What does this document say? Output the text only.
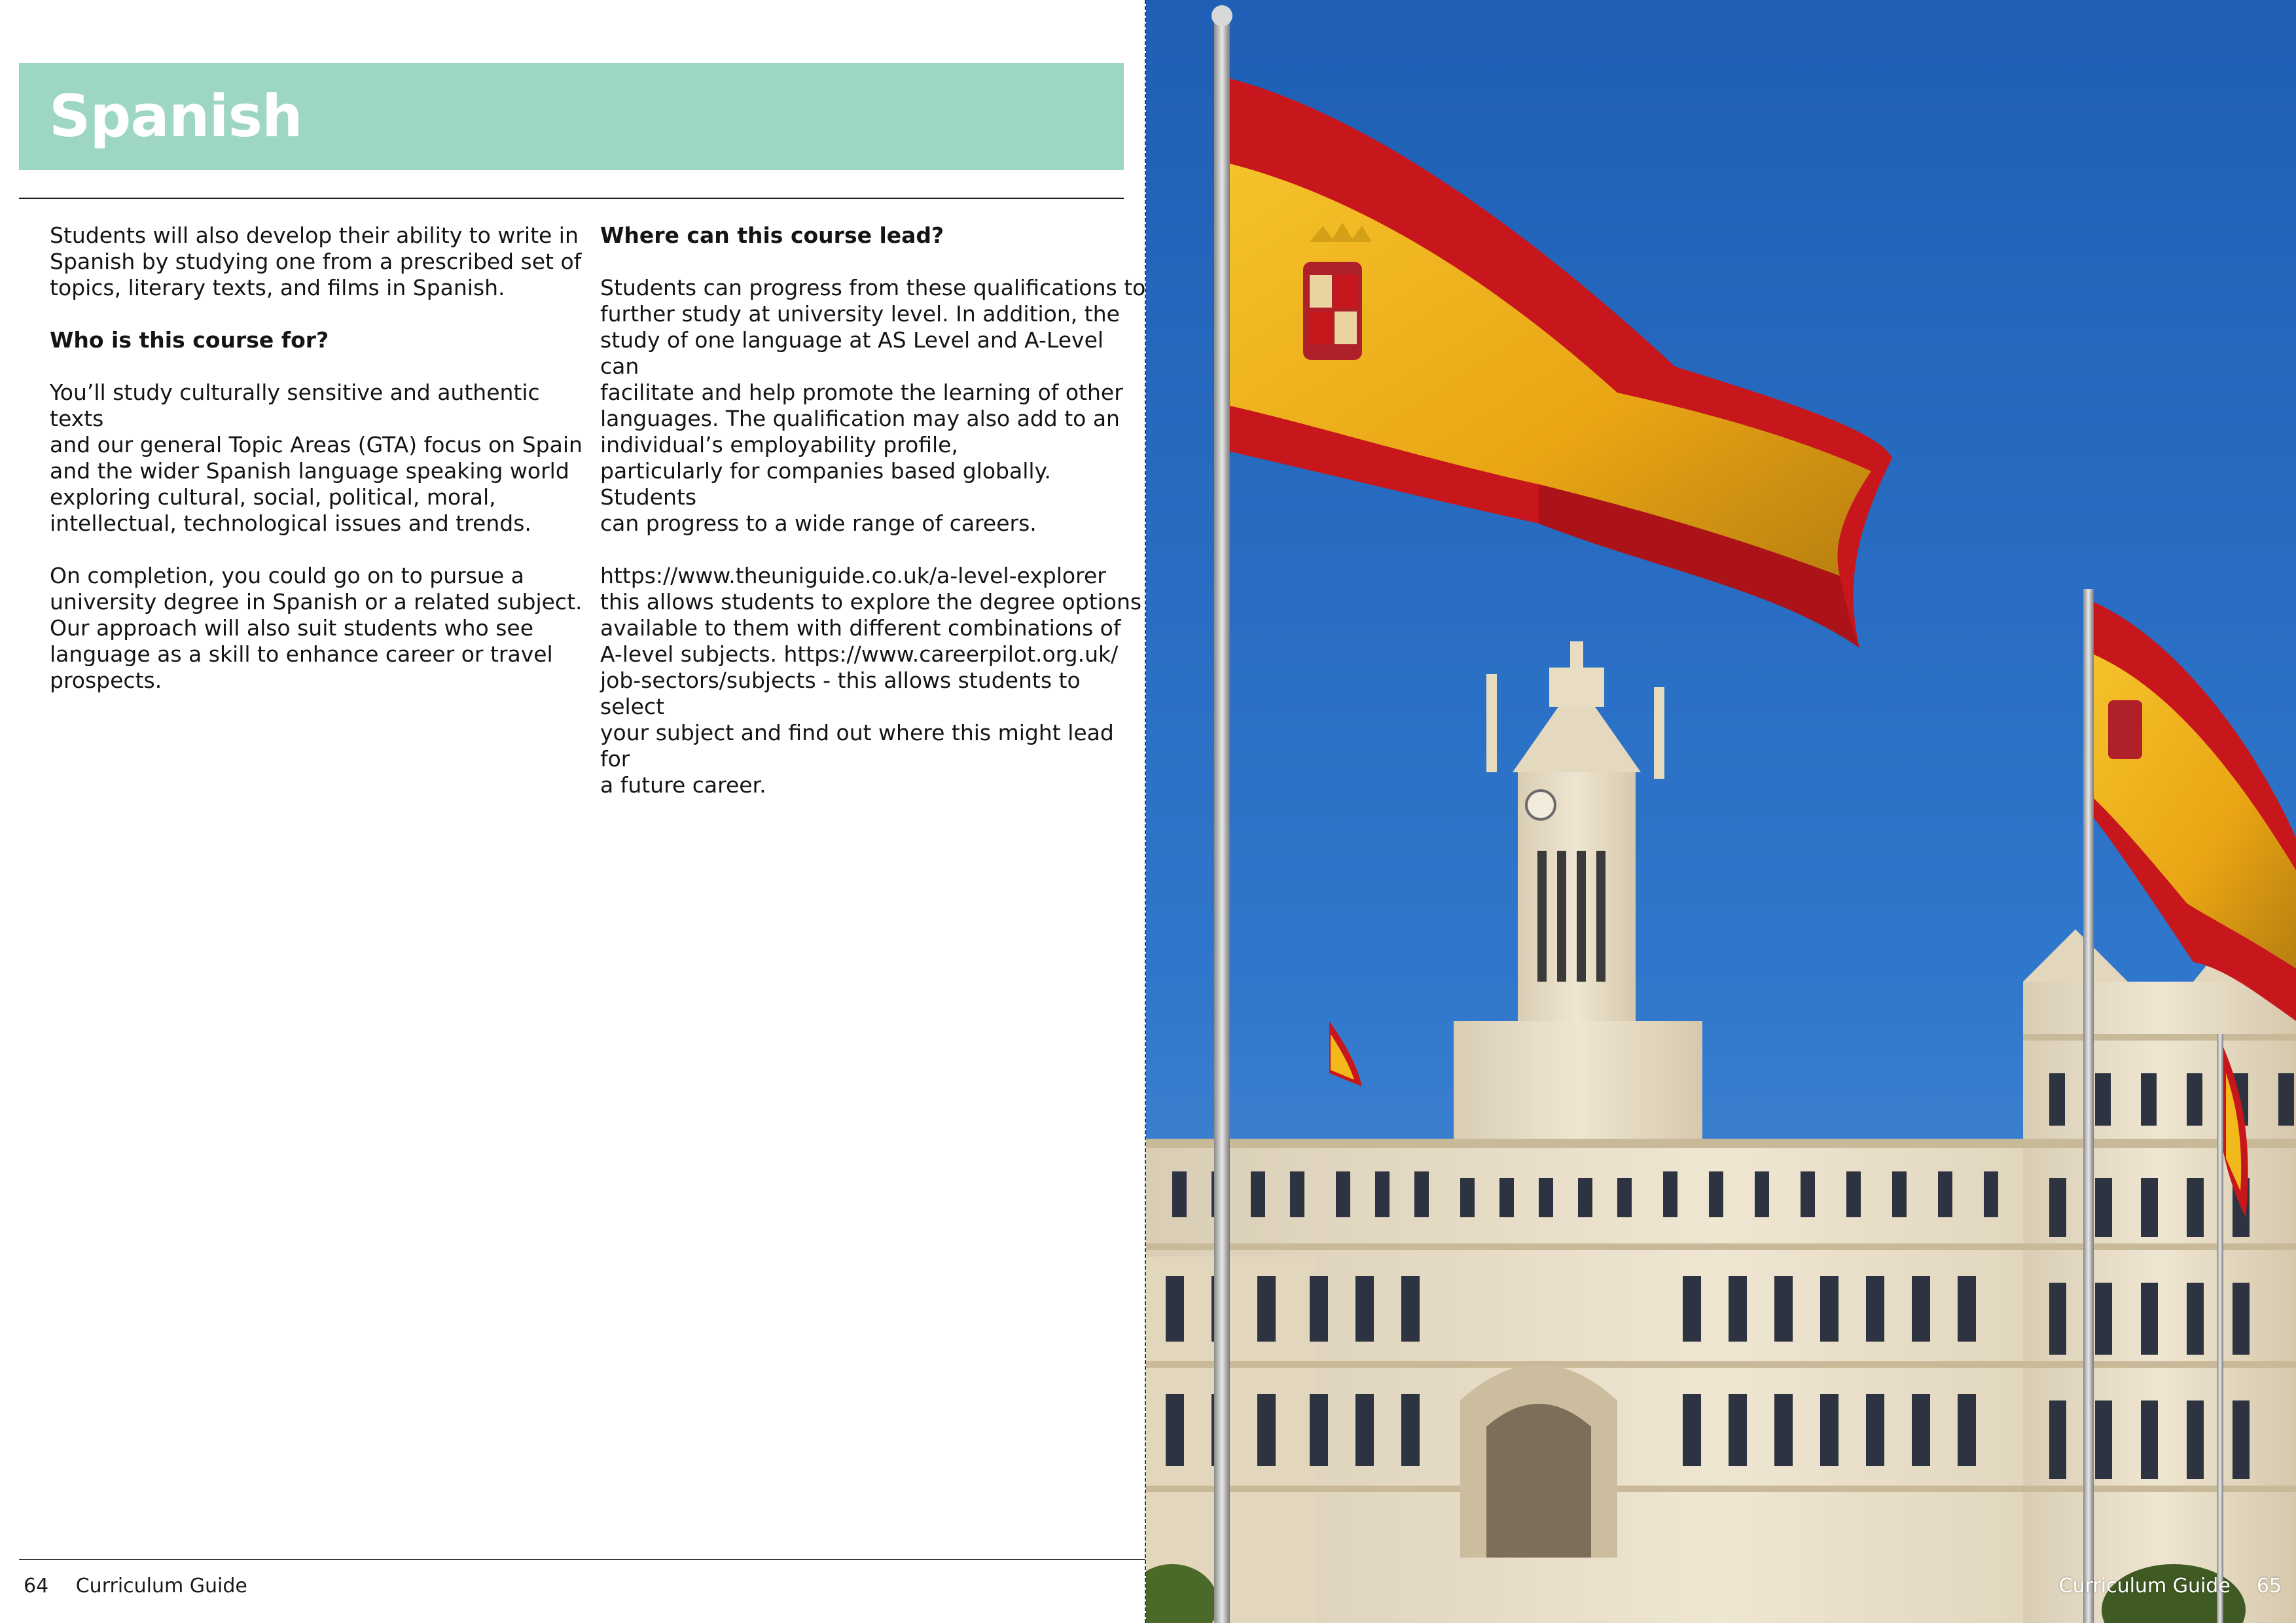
Spanish

Students will also develop their ability to write in
Spanish by studying one from a prescribed set of
topics, literary texts, and films in Spanish.

Who is this course for?

You’ll study culturally sensitive and authentic texts
and our general Topic Areas (GTA) focus on Spain
and the wider Spanish language speaking world
exploring cultural, social, political, moral,
intellectual, technological issues and trends.

On completion, you could go on to pursue a
university degree in Spanish or a related subject.
Our approach will also suit students who see
language as a skill to enhance career or travel
prospects.

Where can this course lead?

Students can progress from these qualifications to
further study at university level. In addition, the
study of one language at AS Level and A-Level can
facilitate and help promote the learning of other
languages. The qualification may also add to an
individual’s employability profile,
particularly for companies based globally. Students
can progress to a wide range of careers.

https://www.theuniguide.co.uk/a-level-explorer
this allows students to explore the degree options
available to them with different combinations of
A-level subjects. https://www.careerpilot.org.uk/
job-sectors/subjects - this allows students to select
your subject and find out where this might lead for
a future career.

64 Curriculum Guide	Curriculum Guide 65
